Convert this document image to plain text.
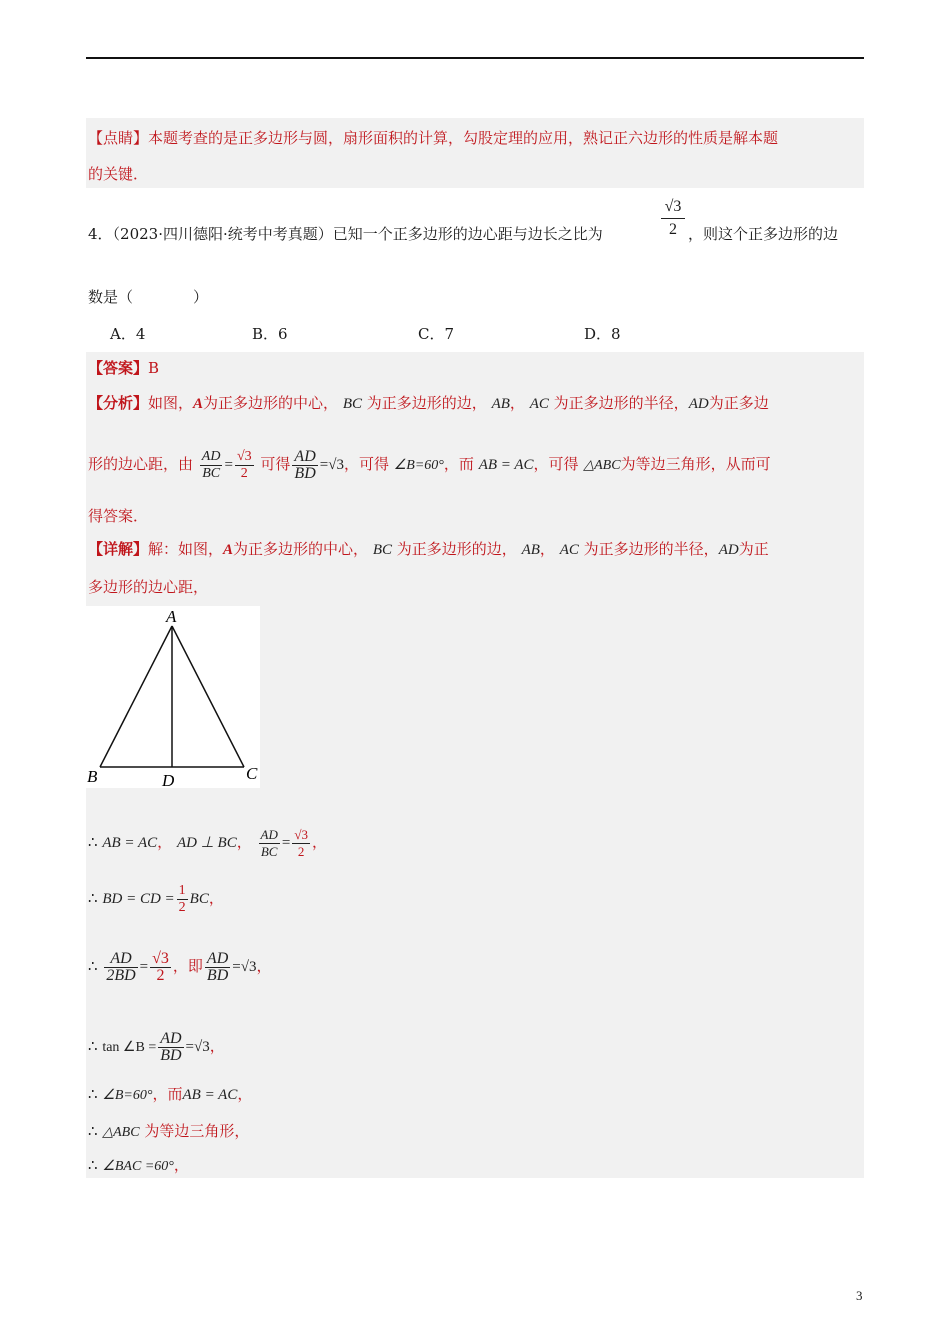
【点睛】本题考查的是正多边形与圆，扇形面积的计算，勾股定理的应用，熟记正六边形的性质是解本题
的关键．
4．（2023·四川德阳·统考中考真题）已知一个正多边形的边心距与边长之比为	$\frac{√3}{2}$ ，则这个正多边形的边
数是（　　　　）
A．4	B．6	C．7	D．8
【答案】B
【分析】如图，A为正多边形的中心， BC 为正多边形的边， AB， AC 为正多边形的半径，AD为正多边
形的边心距，由 $\frac{AD}{BC} = \frac{√3}{2}$ 可得 $\frac{AD}{BD} =√3$，可得 ∠B=60°，而 AB = AC，可得 △ABC为等边三角形，从而可
得答案．
【详解】解：如图，A为正多边形的中心， BC 为正多边形的边， AB， AC 为正多边形的半径，AD为正
多边形的边心距，
A
B	C
D
∴ AB = AC， AD ⊥ BC， $\frac{AD}{BC} = \frac{√3}{2}$ ，
∴ BD = CD = $\frac{1}{2}$ BC，
∴ $\frac{AD}{2BD} = \frac{√3}{2}$ ，即 $\frac{AD}{BD} =√3$，
∴ tan ∠B = $\frac{AD}{BD} =√3$，
∴ ∠B=60°，而AB = AC，
∴ △ABC 为等边三角形，
∴ ∠BAC =60°，
3
